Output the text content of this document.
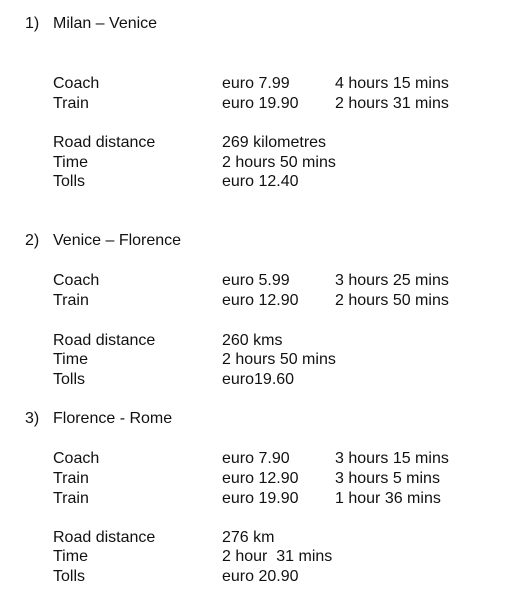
1) Milan – Venice
Coach	euro 7.99	4 hours 15 mins
Train	euro 19.90 2 hours 31 mins
Road distance	269 kilometres
Time	2 hours 50 mins
Tolls	euro 12.40
2) Venice – Florence
Coach	euro 5.99	3 hours 25 mins
Train	euro 12.90 2 hours 50 mins
Road distance	260 kms
Time	2 hours 50 mins
Tolls	euro19.60
3) Florence - Rome
Coach	euro 7.90	3 hours 15 mins
Train	euro 12.90 3 hours 5 mins
Train	euro 19.90 1 hour 36 mins
Road distance	276 km
Time	2 hour  31 mins
Tolls	euro 20.90
